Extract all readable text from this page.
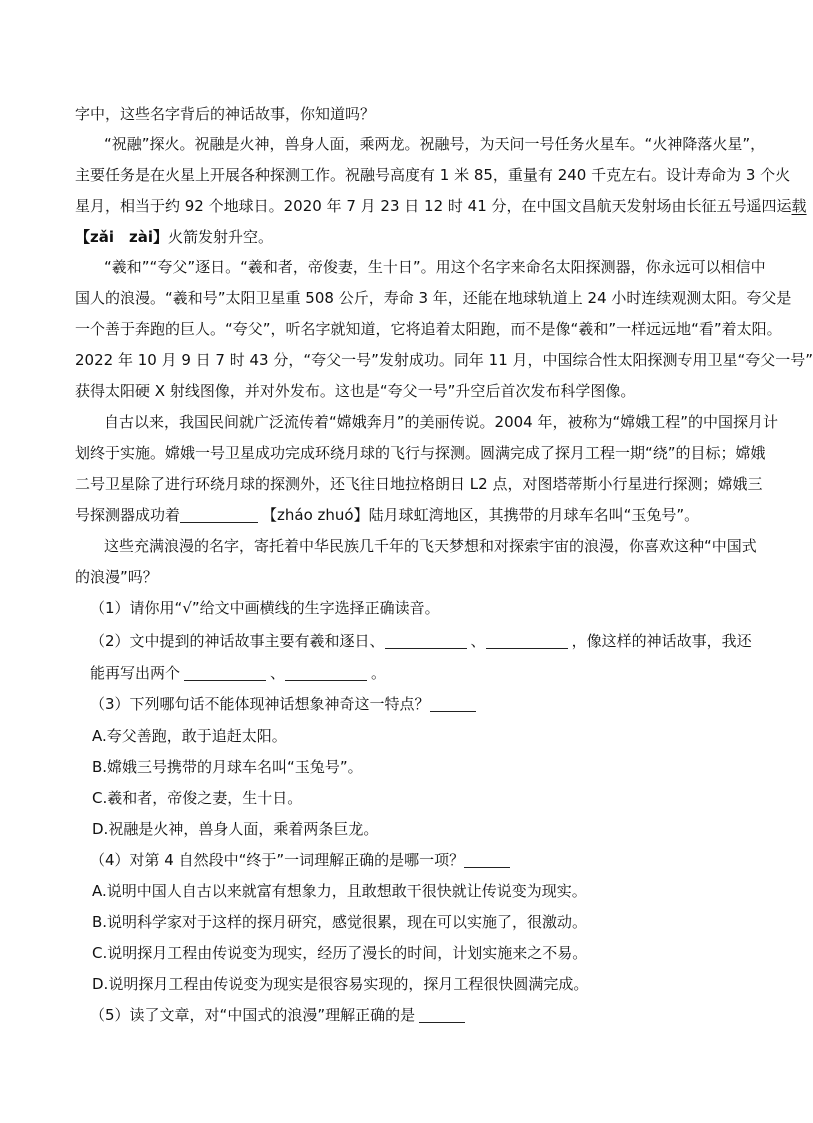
字中，这些名字背后的神话故事，你知道吗？
“祝融”探火。祝融是火神，兽身人面，乘两龙。祝融号，为天问一号任务火星车。“火神降落火星”，
主要任务是在火星上开展各种探测工作。祝融号高度有 1 米 85，重量有 240 千克左右。设计寿命为 3 个火
星月，相当于约 92 个地球日。2020 年 7 月 23 日 12 时 41 分，在中国文昌航天发射场由长征五号遥四运载
【zǎi　zài】火箭发射升空。
“羲和”“夸父”逐日。“羲和者，帝俊妻，生十日”。用这个名字来命名太阳探测器，你永远可以相信中
国人的浪漫。“羲和号”太阳卫星重 508 公斤，寿命 3 年，还能在地球轨道上 24 小时连续观测太阳。夸父是
一个善于奔跑的巨人。“夸父”，听名字就知道，它将追着太阳跑，而不是像“羲和”一样远远地“看”着太阳。
2022 年 10 月 9 日 7 时 43 分，“夸父一号”发射成功。同年 11 月，中国综合性太阳探测专用卫星“夸父一号”
获得太阳硬 X 射线图像，并对外发布。这也是“夸父一号”升空后首次发布科学图像。
自古以来，我国民间就广泛流传着“嫦娥奔月”的美丽传说。2004 年，被称为“嫦娥工程”的中国探月计
划终于实施。嫦娥一号卫星成功完成环绕月球的飞行与探测。圆满完成了探月工程一期“绕”的目标；嫦娥
二号卫星除了进行环绕月球的探测外，还飞往日地拉格朗日 L2 点，对图塔蒂斯小行星进行探测；嫦娥三
号探测器成功着	【zháo zhuó】陆月球虹湾地区，其携带的月球车名叫“玉兔号”。
这些充满浪漫的名字，寄托着中华民族几千年的飞天梦想和对探索宇宙的浪漫，你喜欢这种“中国式
的浪漫”吗？
（1）请你用“√”给文中画横线的生字选择正确读音。
（2）文中提到的神话故事主要有羲和逐日、	、	，像这样的神话故事，我还
能再写出两个	、	。
（3）下列哪句话不能体现神话想象神奇这一特点？
A.夸父善跑，敢于追赶太阳。
B.嫦娥三号携带的月球车名叫“玉兔号”。
C.羲和者，帝俊之妻，生十日。
D.祝融是火神，兽身人面，乘着两条巨龙。
（4）对第 4 自然段中“终于”一词理解正确的是哪一项？
A.说明中国人自古以来就富有想象力，且敢想敢干很快就让传说变为现实。
B.说明科学家对于这样的探月研究，感觉很累，现在可以实施了，很激动。
C.说明探月工程由传说变为现实，经历了漫长的时间，计划实施来之不易。
D.说明探月工程由传说变为现实是很容易实现的，探月工程很快圆满完成。
（5）读了文章，对“中国式的浪漫”理解正确的是
